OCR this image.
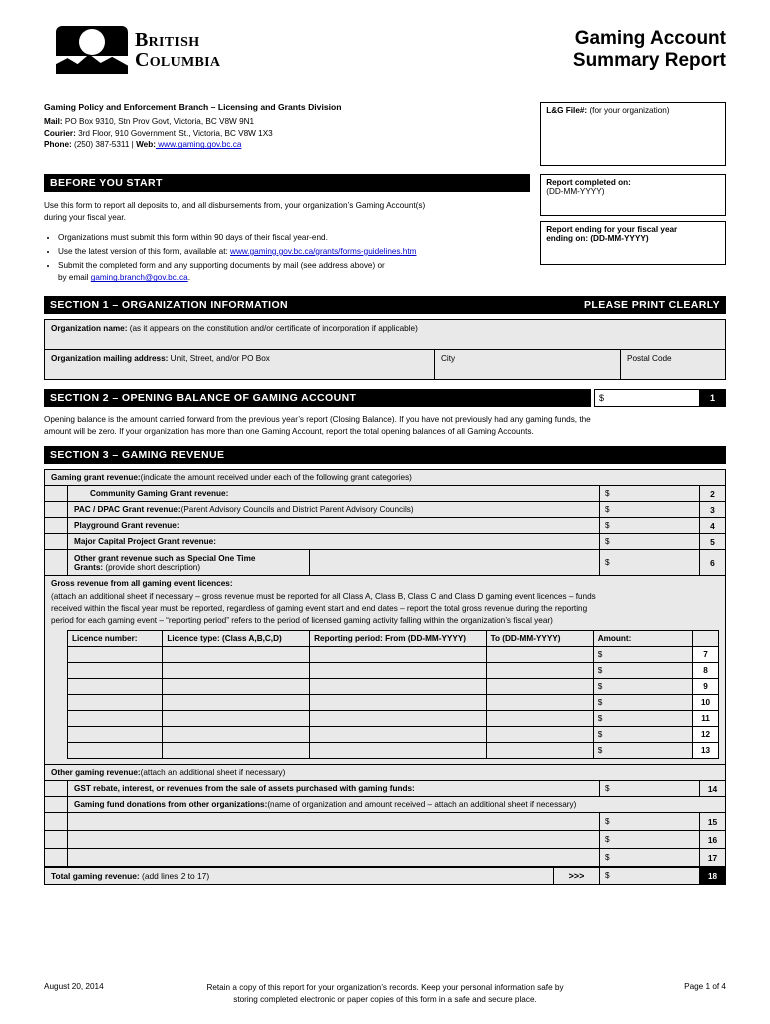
British
Columbia
Gaming Account
Summary Report
Gaming Policy and Enforcement Branch – Licensing and Grants Division
Mail: PO Box 9310, Stn Prov Govt, Victoria, BC V8W 9N1
Courier: 3rd Floor, 910 Government St., Victoria, BC V8W 1X3
Phone: (250) 387-5311 | Web: www.gaming.gov.bc.ca
L&G File#: (for your organization)
BEFORE YOU START
Use this form to report all deposits to, and all disbursements from, your organization’s Gaming Account(s)
during your fiscal year.
• Organizations must submit this form within 90 days of their fiscal year-end.
• Use the latest version of this form, available at: www.gaming.gov.bc.ca/grants/forms-guidelines.htm
• Submit the completed form and any supporting documents by mail (see address above) or
by email gaming.branch@gov.bc.ca.
Report completed on:
(DD-MM-YYYY)
Report ending for your fiscal year
ending on: (DD-MM-YYYY)
SECTION 1 – ORGANIZATION INFORMATION	PLEASE PRINT CLEARLY
Organization name: (as it appears on the constitution and/or certificate of incorporation if applicable)
Organization mailing address: Unit, Street, and/or PO Box	City	Postal Code
SECTION 2 – OPENING BALANCE OF GAMING ACCOUNT	$	1
Opening balance is the amount carried forward from the previous year’s report (Closing Balance). If you have not previously had any gaming funds, the
amount will be zero. If your organization has more than one Gaming Account, report the total opening balances of all Gaming Accounts.
SECTION 3 – GAMING REVENUE
Gaming grant revenue: (indicate the amount received under each of the following grant categories)
Community Gaming Grant revenue:	$	2
PAC / DPAC Grant revenue: (Parent Advisory Councils and District Parent Advisory Councils)	$	3
Playground Grant revenue:	$	4
Major Capital Project Grant revenue:	$	5
Other grant revenue such as Special One Time
Grants: (provide short description)
$	6
Gross revenue from all gaming event licences:
(attach an additional sheet if necessary – gross revenue must be reported for all Class A, Class B, Class C and Class D gaming event licences – funds
received within the fiscal year must be reported, regardless of gaming event start and end dates – report the total gross revenue during the reporting
period for each gaming event – “reporting period” refers to the period of licensed gaming activity falling within the organization’s fiscal year)
Licence number:	Licence type: (Class A,B,C,D)	Reporting period: From (DD-MM-YYYY)	To (DD-MM-YYYY)	Amount:	
				$	7
				$	8
				$	9
				$	10
				$	11
				$	12
				$	13
Other gaming revenue: (attach an additional sheet if necessary)
GST rebate, interest, or revenues from the sale of assets purchased with gaming funds:	$	14
Gaming fund donations from other organizations: (name of organization and amount received – attach an additional sheet if necessary)
$	15
$	16
$	17
Total gaming revenue: (add lines 2 to 17)	>>>	$	18
August 20, 2014	Retain a copy of this report for your organization’s records. Keep your personal information safe by
storing completed electronic or paper copies of this form in a safe and secure place.
Page 1 of 4
